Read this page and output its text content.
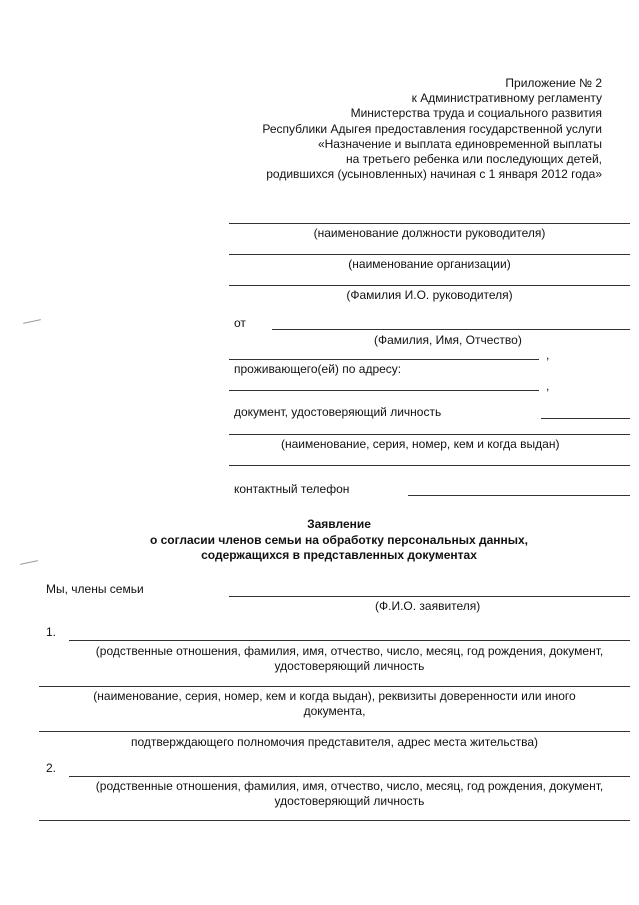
Приложение № 2
к Административному регламенту
Министерства труда и социального развития
Республики Адыгея предоставления государственной услуги
«Назначение и выплата единовременной выплаты
на третьего ребенка или последующих детей,
родившихся (усыновленных) начиная с 1 января 2012 года»
(наименование должности руководителя)
(наименование организации)
(Фамилия И.О. руководителя)
от
(Фамилия, Имя, Отчество)
,
проживающего(ей) по адресу:
,
документ, удостоверяющий личность
(наименование, серия, номер, кем и когда выдан)
контактный телефон
Заявление
о согласии членов семьи на обработку персональных данных,
содержащихся в представленных документах
Мы, члены семьи
(Ф.И.О. заявителя)
1.
(родственные отношения, фамилия, имя, отчество, число, месяц, год рождения, документ,
удостоверяющий личность
(наименование, серия, номер, кем и когда выдан), реквизиты доверенности или иного
документа,
подтверждающего полномочия представителя, адрес места жительства)
2.
(родственные отношения, фамилия, имя, отчество, число, месяц, год рождения, документ,
удостоверяющий личность
